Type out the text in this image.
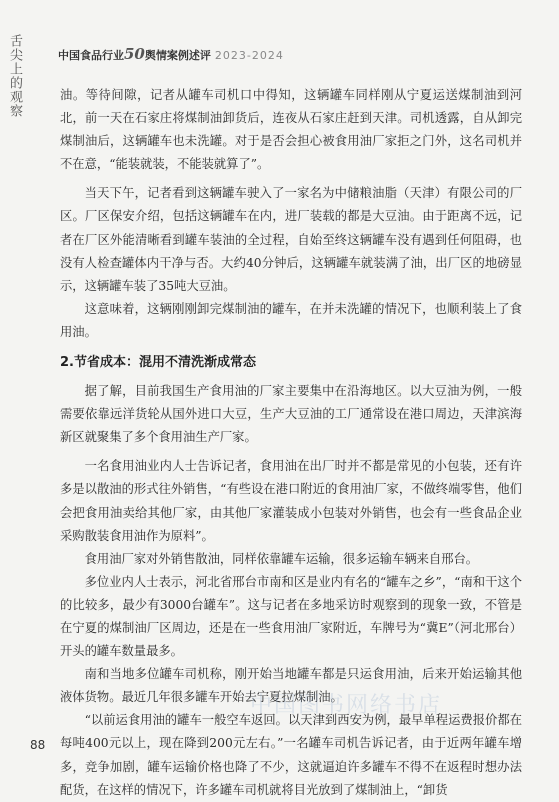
舌尖上的观察	中国食品行业50舆情案例述评 2023-2024

油。等待间隙，记者从罐车司机口中得知，这辆罐车同样刚从宁夏运送煤制油到河北，前一天在石家庄将煤制油卸货后，连夜从石家庄赶到天津。司机透露，自从卸完煤制油后，这辆罐车也未洗罐。对于是否会担心被食用油厂家拒之门外，这名司机并不在意，“能装就装，不能装就算了”。

当天下午，记者看到这辆罐车驶入了一家名为中储粮油脂（天津）有限公司的厂区。厂区保安介绍，包括这辆罐车在内，进厂装载的都是大豆油。由于距离不远，记者在厂区外能清晰看到罐车装油的全过程，自始至终这辆罐车没有遇到任何阻碍，也没有人检查罐体内干净与否。大约40分钟后，这辆罐车就装满了油，出厂区的地磅显示，这辆罐车装了35吨大豆油。

这意味着，这辆刚刚卸完煤制油的罐车，在并未洗罐的情况下，也顺利装上了食用油。

2.节省成本：混用不清洗渐成常态

据了解，目前我国生产食用油的厂家主要集中在沿海地区。以大豆油为例，一般需要依靠远洋货轮从国外进口大豆，生产大豆油的工厂通常设在港口周边，天津滨海新区就聚集了多个食用油生产厂家。

一名食用油业内人士告诉记者，食用油在出厂时并不都是常见的小包装，还有许多是以散油的形式往外销售，“有些设在港口附近的食用油厂家，不做终端零售，他们会把食用油卖给其他厂家，由其他厂家灌装成小包装对外销售，也会有一些食品企业采购散装食用油作为原料”。

食用油厂家对外销售散油，同样依靠罐车运输，很多运输车辆来自邢台。

多位业内人士表示，河北省邢台市南和区是业内有名的“罐车之乡”，“南和干这个的比较多，最少有3000台罐车”。这与记者在多地采访时观察到的现象一致，不管是在宁夏的煤制油厂区周边，还是在一些食用油厂家附近，车牌号为“冀E”（河北邢台）开头的罐车数量最多。

南和当地多位罐车司机称，刚开始当地罐车都是只运食用油，后来开始运输其他液体货物。最近几年很多罐车开始去宁夏拉煤制油。

“以前运食用油的罐车一般空车返回。以天津到西安为例，最早单程运费报价都在每吨400元以上，现在降到200元左右。”一名罐车司机告诉记者，由于近两年罐车增多，竞争加剧，罐车运输价格也降了不少，这就逼迫许多罐车不得不在返程时想办法配货，在这样的情况下，许多罐车司机就将目光放到了煤制油上，“卸货

中国图书网络书店
88
